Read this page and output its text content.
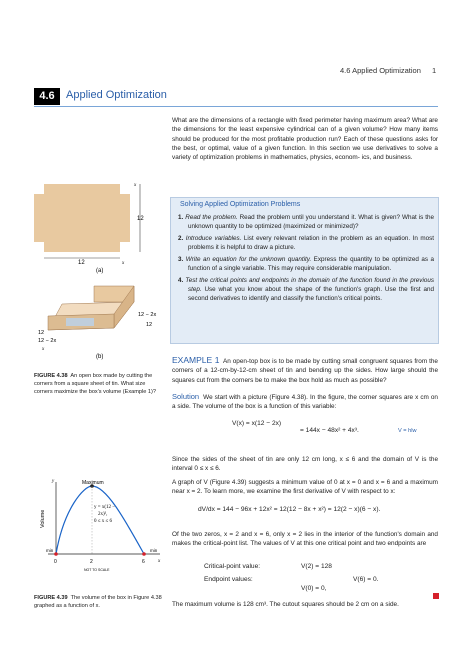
4.6 Applied Optimization 1
4.6	Applied Optimization
What are the dimensions of a rectangle with fixed perimeter having maximum area? What are the dimensions for the least expensive cylindrical can of a given volume? How many items should be produced for the most profitable production run? Each of these questions asks for the best, or optimal, value of a given function. In this section we use derivatives to solve a variety of optimization problems in mathematics, physics, econom- ics, and business.
x
12
12	x
(a)
12 − 2x
12
12
12 − 2x
x
(b)
FIGURE 4.38 An open box made by cutting the corners from a square sheet of tin. What size corners maximize the box's volume (Example 1)?
Solving Applied Optimization Problems
1. Read the problem. Read the problem until you understand it. What is given? What is the unknown quantity to be optimized (maximized or minimized)?
2. Introduce variables. List every relevant relation in the problem as an equation. In most problems it is helpful to draw a picture.
3. Write an equation for the unknown quantity. Express the quantity to be optimized as a function of a single variable. This may require considerable manipulation.
4. Test the critical points and endpoints in the domain of the function found in the previous step. Use what you know about the shape of the function's graph. Use the first and second derivatives to identify and classify the function's critical points.
EXAMPLE 1 An open-top box is to be made by cutting small congruent squares from the corners of a 12-cm-by-12-cm sheet of tin and bending up the sides. How large should the squares cut from the corners be to make the box hold as much as possible?
Solution We start with a picture (Figure 4.38). In the figure, the corner squares are x cm on a side. The volume of the box is a function of this variable:
V(x) = x(12 − 2x)
= 144x − 48x² + 4x³.	V = hlw
Since the sides of the sheet of tin are only 12 cm long, x ≤ 6 and the domain of V is the interval 0 ≤ x ≤ 6.
A graph of V (Figure 4.39) suggests a minimum value of 0 at x = 0 and x = 6 and a maximum near x = 2. To learn more, we examine the first derivative of V with respect to x:
dV/dx = 144 − 96x + 12x² = 12(12 − 8x + x²) = 12(2 − x)(6 − x).
Of the two zeros, x = 2 and x = 6, only x = 2 lies in the interior of the function's domain and makes the critical-point list. The values of V at this one critical point and two endpoints are
Critical-point value:	V(2) = 128
Endpoint values:
V(0) = 0,
V(6) = 0.
The maximum volume is 128 cm³. The cutout squares should be 2 cm on a side.
y	Maximum
y = x(12 −
2x)²,
0 ≤ x ≤ 6
Volume
min	min
0	2	6	x
NOT TO SCALE
FIGURE 4.39 The volume of the box in Figure 4.38 graphed as a function of x.
